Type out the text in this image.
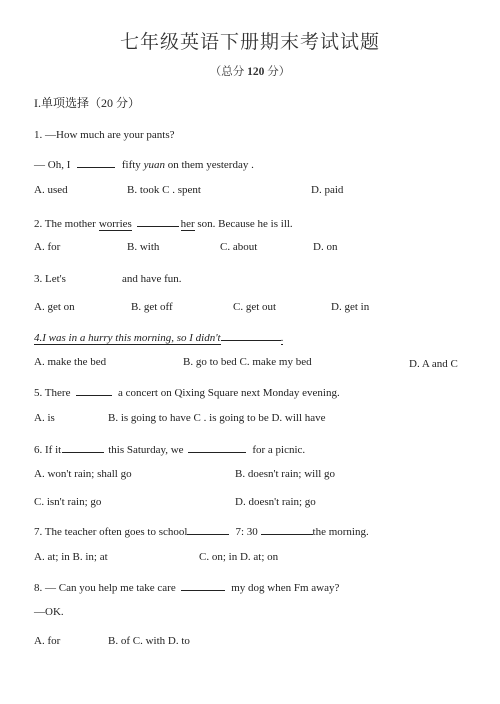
七年级英语下册期末考试试题
（总分 120 分）
I.单项选择（20 分）
1. —How much are your pants?
— Oh, I	fifty yuan on them yesterday .
A. used	B. took C . spent	D. paid
2. The mother worries	her son. Because he is ill.
A. for	B. with	C. about	D. on
3. Let's	and have fun.
A. get on	B. get off	C. get out	D. get in
4.I was in a hurry this morning, so I didn't	.
A. make the bed	B. go to bed C. make my bed	D. A and C
5. There	a concert on Qixing Square next Monday evening.
A. is	B. is going to have C . is going to be D. will have
6. If it	this Saturday, we	for a picnic.
A. won't rain; shall go	B. doesn't rain; will go
C. isn't rain; go	D. doesn't rain; go
7. The teacher often goes to school	7: 30	the morning.
A. at; in B. in; at	C. on; in D. at; on
8. — Can you help me take care	my dog when Fm away?
—OK.
A. for	B. of C. with D. to
